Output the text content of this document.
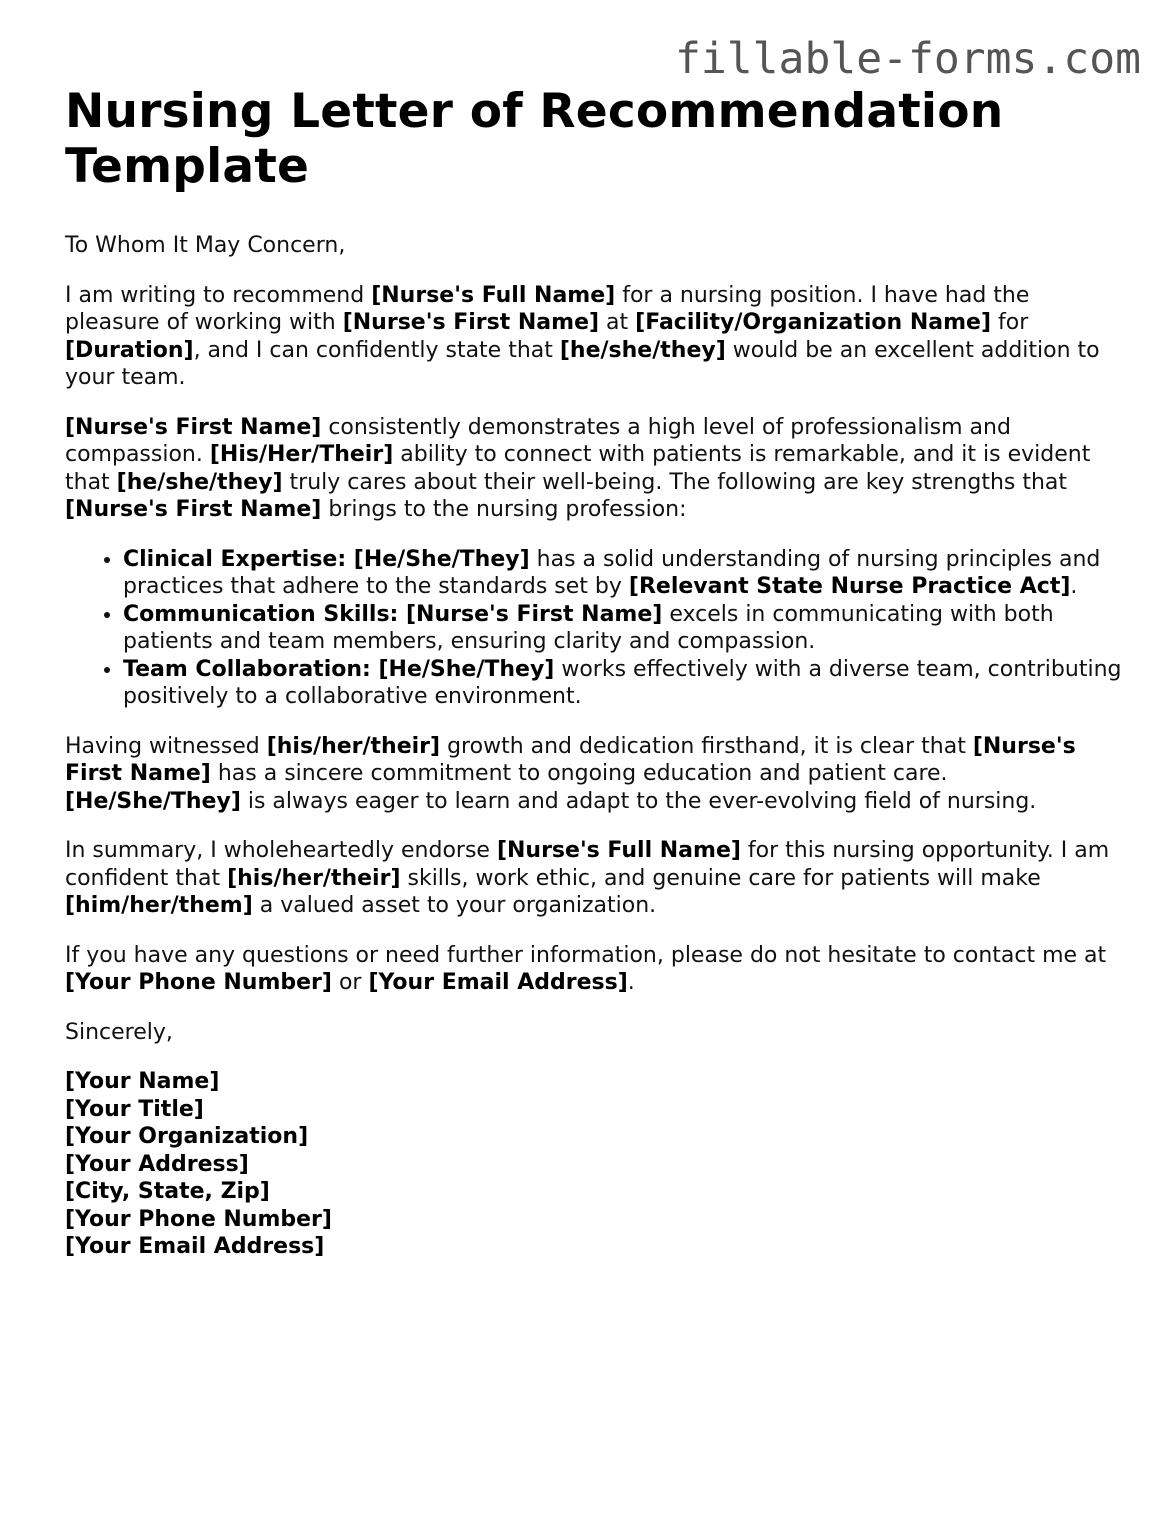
fillable-forms.com
Nursing Letter of Recommendation Template

To Whom It May Concern,

I am writing to recommend [Nurse's Full Name] for a nursing position. I have had the pleasure of working with [Nurse's First Name] at [Facility/Organization Name] for [Duration], and I can confidently state that [he/she/they] would be an excellent addition to your team.

[Nurse's First Name] consistently demonstrates a high level of professionalism and compassion. [His/Her/Their] ability to connect with patients is remarkable, and it is evident that [he/she/they] truly cares about their well-being. The following are key strengths that [Nurse's First Name] brings to the nursing profession:

• Clinical Expertise: [He/She/They] has a solid understanding of nursing principles and practices that adhere to the standards set by [Relevant State Nurse Practice Act].
• Communication Skills: [Nurse's First Name] excels in communicating with both patients and team members, ensuring clarity and compassion.
• Team Collaboration: [He/She/They] works effectively with a diverse team, contributing positively to a collaborative environment.

Having witnessed [his/her/their] growth and dedication firsthand, it is clear that [Nurse's First Name] has a sincere commitment to ongoing education and patient care. [He/She/They] is always eager to learn and adapt to the ever-evolving field of nursing.

In summary, I wholeheartedly endorse [Nurse's Full Name] for this nursing opportunity. I am confident that [his/her/their] skills, work ethic, and genuine care for patients will make [him/her/them] a valued asset to your organization.

If you have any questions or need further information, please do not hesitate to contact me at [Your Phone Number] or [Your Email Address].

Sincerely,

[Your Name]
[Your Title]
[Your Organization]
[Your Address]
[City, State, Zip]
[Your Phone Number]
[Your Email Address]
